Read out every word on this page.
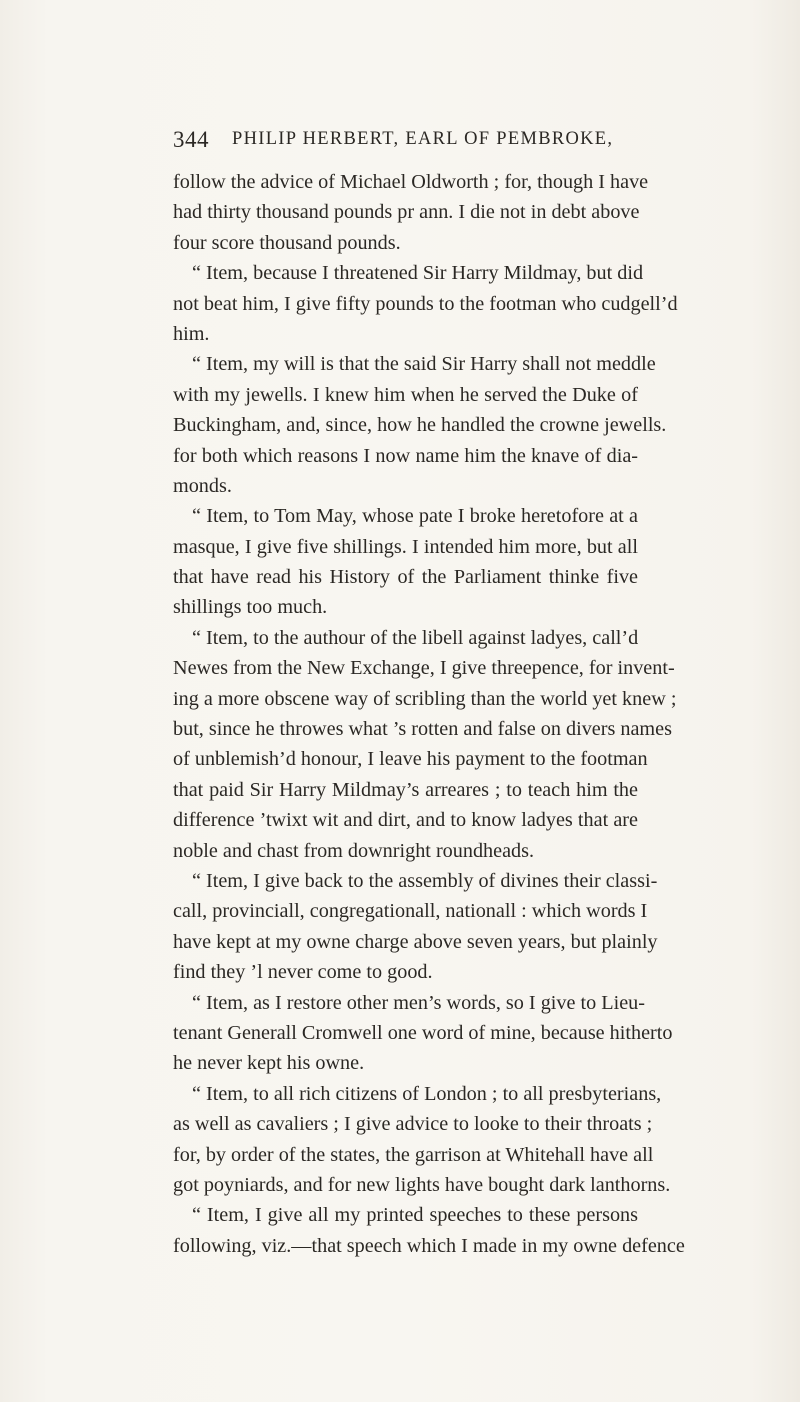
344 PHILIP HERBERT, EARL OF PEMBROKE,
follow the advice of Michael Oldworth ; for, though I have
had thirty thousand pounds pr ann. I die not in debt above
four score thousand pounds.
“ Item, because I threatened Sir Harry Mildmay, but did
not beat him, I give fifty pounds to the footman who cudgell’d
him.
“ Item, my will is that the said Sir Harry shall not meddle
with my jewells. I knew him when he served the Duke of
Buckingham, and, since, how he handled the crowne jewells.
for both which reasons I now name him the knave of dia-
monds.
“ Item, to Tom May, whose pate I broke heretofore at a
masque, I give five shillings. I intended him more, but all
that have read his History of the Parliament thinke five
shillings too much.
“ Item, to the authour of the libell against ladyes, call’d
Newes from the New Exchange, I give threepence, for invent-
ing a more obscene way of scribling than the world yet knew ;
but, since he throwes what ’s rotten and false on divers names
of unblemish’d honour, I leave his payment to the footman
that paid Sir Harry Mildmay’s arreares ; to teach him the
difference ’twixt wit and dirt, and to know ladyes that are
noble and chast from downright roundheads.
“ Item, I give back to the assembly of divines their classi-
call, provinciall, congregationall, nationall : which words I
have kept at my owne charge above seven years, but plainly
find they ’l never come to good.
“ Item, as I restore other men’s words, so I give to Lieu-
tenant Generall Cromwell one word of mine, because hitherto
he never kept his owne.
“ Item, to all rich citizens of London ; to all presbyterians,
as well as cavaliers ; I give advice to looke to their throats ;
for, by order of the states, the garrison at Whitehall have all
got poyniards, and for new lights have bought dark lanthorns.
“ Item, I give all my printed speeches to these persons
following, viz.—that speech which I made in my owne defence
